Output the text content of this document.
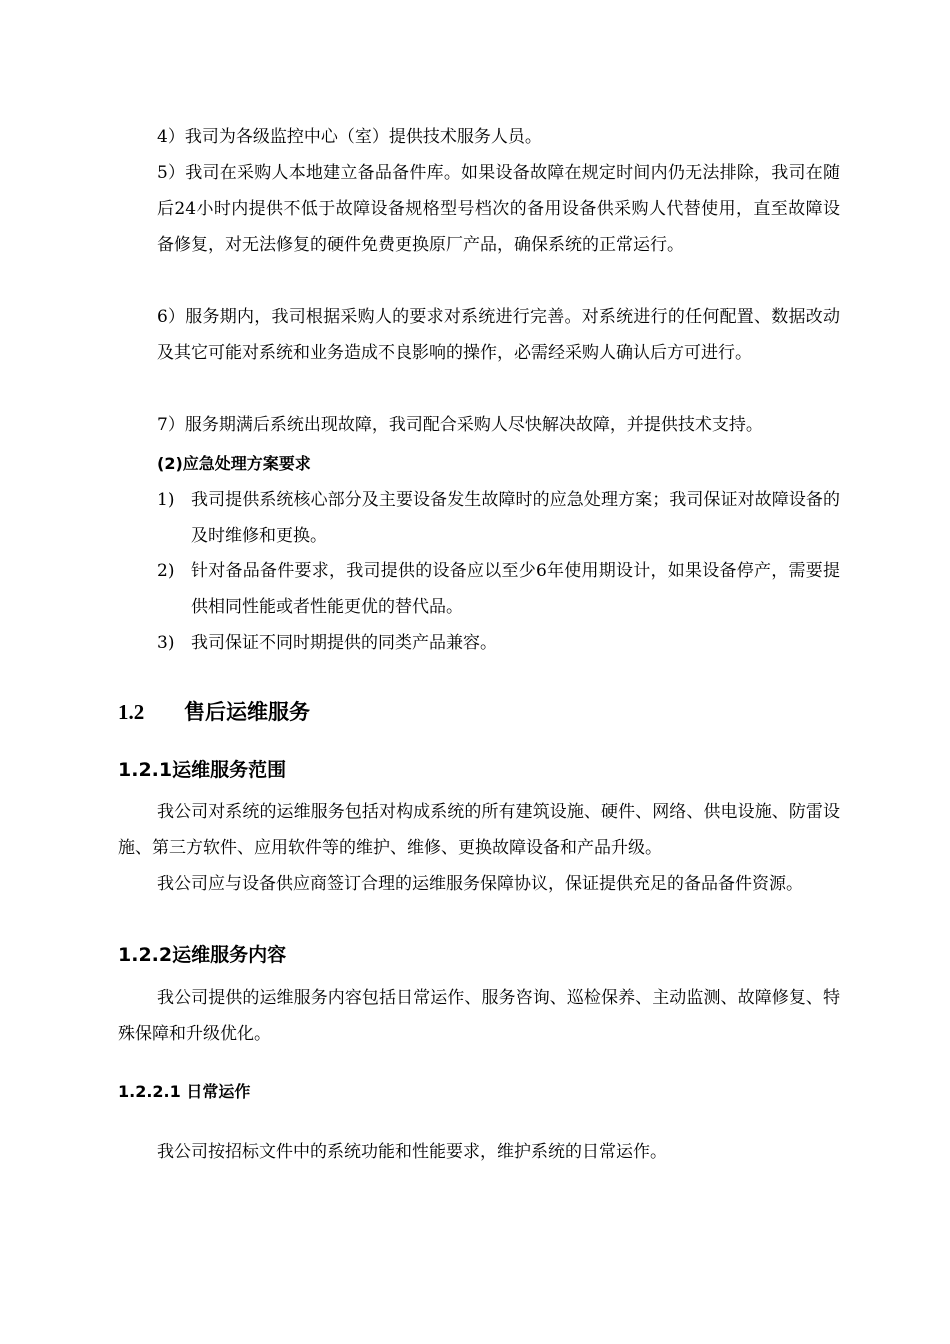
4）我司为各级监控中心（室）提供技术服务人员。
5）我司在采购人本地建立备品备件库。如果设备故障在规定时间内仍无法排除，我司在随后24小时内提供不低于故障设备规格型号档次的备用设备供采购人代替使用，直至故障设备修复，对无法修复的硬件免费更换原厂产品，确保系统的正常运行。
6）服务期内，我司根据采购人的要求对系统进行完善。对系统进行的任何配置、数据改动及其它可能对系统和业务造成不良影响的操作，必需经采购人确认后方可进行。
7）服务期满后系统出现故障，我司配合采购人尽快解决故障，并提供技术支持。
(2)应急处理方案要求
1) 我司提供系统核心部分及主要设备发生故障时的应急处理方案；我司保证对故障设备的及时维修和更换。
2) 针对备品备件要求，我司提供的设备应以至少6年使用期设计，如果设备停产，需要提供相同性能或者性能更优的替代品。
3) 我司保证不同时期提供的同类产品兼容。
1.2 售后运维服务
1.2.1运维服务范围
我公司对系统的运维服务包括对构成系统的所有建筑设施、硬件、网络、供电设施、防雷设施、第三方软件、应用软件等的维护、维修、更换故障设备和产品升级。
我公司应与设备供应商签订合理的运维服务保障协议，保证提供充足的备品备件资源。
1.2.2运维服务内容
我公司提供的运维服务内容包括日常运作、服务咨询、巡检保养、主动监测、故障修复、特殊保障和升级优化。
1.2.2.1 日常运作
我公司按招标文件中的系统功能和性能要求，维护系统的日常运作。
